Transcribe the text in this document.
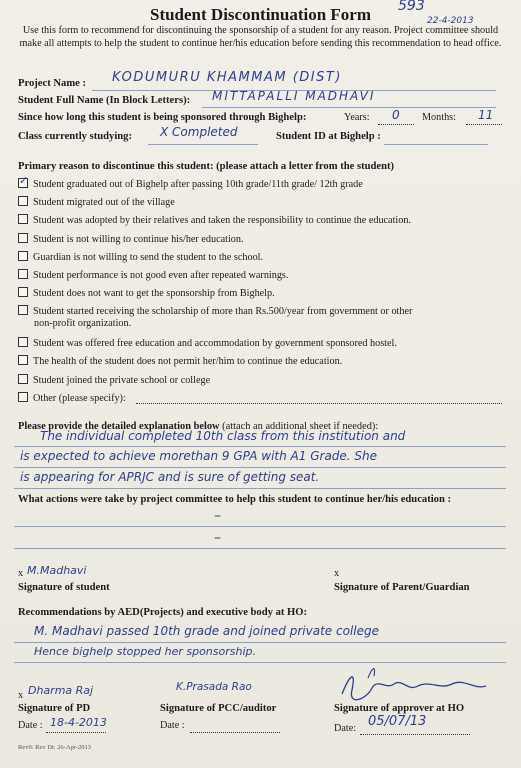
593
22-4-2013
Student Discontinuation Form
Use this form to recommend for discontinuing the sponsorship of a student for any reason. Project committee should make all attempts to help the student to continue her/his education before sending this recommendation to head office.
Project Name : KODUMURU KHAMMAM (DIST)
Student Full Name (In Block Letters): MITTAPALLI MADHAVI
Since how long this student is being sponsored through Bighelp:	Years: 0 Months: 11
Class currently studying: X Completed	Student ID at Bighelp :
Primary reason to discontinue this student: (please attach a letter from the student)
✓Student graduated out of Bighelp after passing 10th grade/11th grade/ 12th grade
Student migrated out of the village
Student was adopted by their relatives and taken the responsibility to continue the education.
Student is not willing to continue his/her education.
Guardian is not willing to send the student to the school.
Student performance is not good even after repeated warnings.
Student does not want to get the sponsorship from Bighelp.
Student started receiving the scholarship of more than Rs.500/year from government or other
non-profit organization.
Student was offered free education and accommodation by government sponsored hostel.
The health of the student does not permit her/him to continue the education.
Student joined the private school or college
Other (please specify):
Please provide the detailed explanation below (attach an additional sheet if needed):
The individual completed 10th class from this institution and
is expected to achieve morethan 9 GPA with A1 Grade. She
is appearing for APRJC and is sure of getting seat.
What actions were take by project committee to help this student to continue her/his education :
–
–
x M.Madhavi
Signature of student
x
Signature of Parent/Guardian
Recommendations by AED(Projects) and executive body at HO:
M. Madhavi passed 10th grade and joined private college
Hence bighelp stopped her sponsorship.
x Dharma Raj
Signature of PD
Date : 18-4-2013
K.Prasada Rao
Signature of PCC/auditor
Date :
Signature of approver at HO
Date: 05/07/13
Rev0: Rev Dt: 26-Apr-2013
